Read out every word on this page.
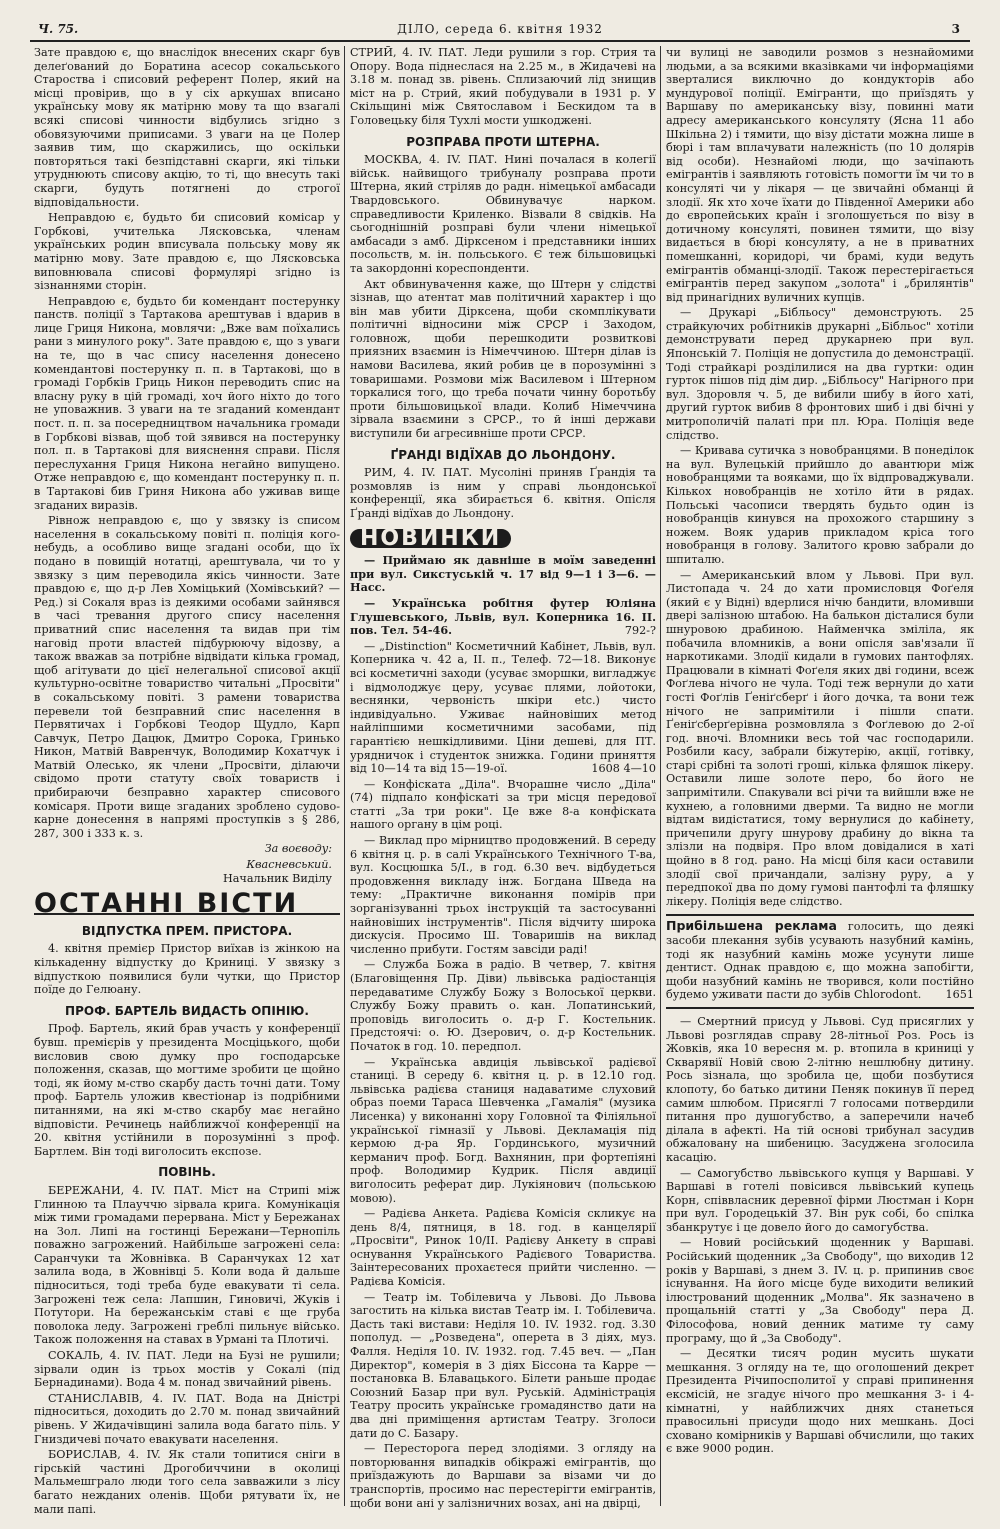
Ч. 75.	ДІЛО, середа 6. квітня 1932	3

Зате правдою є, що внаслідок внесених скарг був делеґований до Боратина асесор сокальського Староства і списовий референт Полер, який на місці провірив, що в у сіх аркушах вписано українську мову як матірню мову та що взагалі всякі списові чинности відбулись згідно з обовязуючими приписами. З уваги на це Полер заявив тим, що скаржились, що оскільки повторяться такі безпідставні скарги, які тільки утруднюють списову акцію, то ті, що внесуть такі скарги, будуть потягнені до строгої відповідальности.

Неправдою є, будьто би списовий комісар у Горбкові, учителька Лясковська, членам українських родин вписувала польську мову як матірню мову. Зате правдою є, що Лясковська виповнювала списові формулярі згідно із зізнаннями сторін.

Неправдою є, будьто би комендант постерунку панств. поліції з Тартакова арештував і вдарив в лице Гриця Никона, мовлячи: „Вже вам поїхались рани з минулого року". Зате правдою є, що з уваги на те, що в час спису населення донесено комендантові постерунку п. п. в Тартакові, що в громаді Горбків Гриць Никон переводить спис на власну руку в цій громаді, хоч його ніхто до того не уповажнив. З уваги на те згаданий комендант пост. п. п. за посередництвом начальника громади в Горбкові візвав, щоб той зявився на постерунку пол. п. в Тартакові для вияснення справи. Після переслухання Гриця Никона негайно випущено. Отже неправдою є, що комендант постерунку п. п. в Тартакові бив Гриня Никона або уживав вище згаданих виразів.

Рівнож неправдою є, що у звязку із списом населення в сокальському повіті п. поліція кого-небудь, а особливо вище згадані особи, що їх подано в повищій нотатці, арештувала, чи то у звязку з цим переводила якісь чинности. Зате правдою є, що д-р Лев Хоміцький (Хомівський? — Ред.) зі Сокаля враз із деякими особами зайнявся в часі тревання другого спису населення приватний спис населення та видав при тім наговід проти властей підбурюючу відозву, а також вважав за потрібне відвідати кілька громад, щоб агітувати до цієї нелегальної списової акції культурно-освітне товариство читальні „Просвіти" в сокальському повіті. З рамени товариства перевели той безправний спис населення в Первятичах і Горбкові Теодор Щудло, Карп Савчук, Петро Дацюк, Дмитро Сорока, Гринько Никон, Матвій Вавренчук, Володимир Кохатчук і Матвій Олесько, як члени „Просвіти, ділаючи свідомо проти статуту своїх товариств і прибираючи безправно характер списового комісаря. Проти вище згаданих зроблено судово-карне донесення в напрямі проступків з § 286, 287, 300 і 333 к. з.

За воєводу:
Квасневський.
Начальник Виділу
ОСТАННІ ВІСТИ
ВІДПУСТКА ПРЕМ. ПРИСТОРА.

4. квітня премієр Пристор виїхав із жінкою на кількаденну відпустку до Криниці. У звязку з відпусткою появилися були чутки, що Пристор поїде до Гелюану.

ПРОФ. БАРТЕЛЬ ВИДАСТЬ ОПІНІЮ.

Проф. Бартель, який брав участь у конференції бувш. премієрів у президента Мосціцького, щоби висловив свою думку про господарське положення, сказав, що могтиме зробити це щойно тоді, як йому м-ство скарбу дасть точні дати. Тому проф. Бартель уложив квестіонар із подрібними питаннями, на які м-ство скарбу має негайно відповісти. Речинець найближчої конференції на 20. квітня устійнили в порозумінні з проф. Бартлем. Він тоді виголосить експозе.

ПОВІНЬ.

БЕРЕЖАНИ, 4. IV. ПАТ. Міст на Стрипі між Глинною та Плауччю зірвала крига. Комунікація між тими громадами перервана. Міст у Бережанах на Зол. Липі на гостинці Бережани—Тернопіль поважно загрожений. Найбільше загрожені села: Саранчуки та Жовнівка. В Саранчуках 12 хат залила вода, в Жовнівці 5. Коли вода й дальше підноситься, тоді треба буде евакувати ті села. Загрожені теж села: Лапшин, Гиновичі, Жуків і Потутори. На бережанськім ставі є ще груба поволока леду. Загрожені греблі пильнує військо. Також положення на ставах в Урмані та Плотичі.

СОКАЛЬ, 4. IV. ПАТ. Леди на Бузі не рушили; зірвали один із трьох мостів у Сокалі (під Бернадинами). Вода 4 м. понад звичайний рівень.

СТАНИСЛАВІВ, 4. IV. ПАТ. Вода на Дністрі підноситься, доходить до 2.70 м. понад звичайний рівень. У Жидачівщині залила вода багато піль. У Гниздичеві почато евакувати населення.

БОРИСЛАВ, 4. IV. Як стали топитися сніги в гірській частині Дрогобиччини в околиці Мальмешграло люди того села завважили з лісу багато нежданих оленів. Щоби рятувати їх, не мали папі.

СТРИЙ, 4. IV. ПАТ. Леди рушили з гор. Стрия та Опору. Вода піднеслася на 2.25 м., в Жидачеві на 3.18 м. понад зв. рівень. Сплизаючий лід знищив міст на р. Стрий, який побудували в 1931 р. У Скільщині між Святославом і Бескидом та в Головецьку біля Тухлі мости ушкоджені.

РОЗПРАВА ПРОТИ ШТЕРНА.

МОСКВА, 4. IV. ПАТ. Нині почалася в колегії військ. найвищого трибуналу розправа проти Штерна, який стріляв до радн. німецької амбасади Твардовського. Обвинувачує нарком. справедливости Криленко. Візвали 8 свідків. На сьогоднішній розправі були члени німецької амбасади з амб. Дірксеном і представники інших посольств, м. ін. польського. Є теж більшовицькі та закордонні кореспонденти.

Акт обвинувачення каже, що Штерн у слідстві зізнав, що атентат мав політичний характер і що він мав убити Дірксена, щоби скомплікувати політичні відносини між СРСР і Заходом, головнож, щоби перешкодити розвиткові приязних взаємин із Німеччиною. Штерн ділав із намови Василева, який робив це в порозумінні з товаришами. Розмови між Василевом і Штерном торкалися того, що треба почати чинну боротьбу проти більшовицької влади. Колиб Німеччина зірвала взаємини з СРСР., то й інші держави виступили би агресивніше проти СРСР.

ҐРАНДІ ВІДЇХАВ ДО ЛЬОНДОНУ.

РИМ, 4. IV. ПАТ. Мусоліні приняв Ґрандія та розмовляв із ним у справі льондонської конференції, яка збирається 6. квітня. Опісля Ґранді відїхав до Льондону.

НОВИНКИ

— Приймаю як давніше в моїм заведенні при вул. Сикстуській ч. 17 від 9—1 і 3—6. — Насс.

— Українська робітня футер Юліяна Глушевського, Львів, вул. Коперника 16. II. пов. Тел. 54-46.	792-?

— „Distinction" Косметичний Кабінет, Львів, вул. Коперника ч. 42 а, II. п., Телеф. 72—18. Виконує всі косметичні заходи (усуває зморшки, вигладжує і відмолоджує церу, усуває плями, лойотоки, веснянки, червоність шкіри etc.) чисто індивідуально. Уживає найновіших метод найліпшими косметичними засобами, під гарантією нешкідливими. Ціни дешеві, для ПТ. урядничок і студенток знижка. Години приняття від 10—14 та від 15—19-ої.	1608 4—10

— Конфіската „Діла". Вчорашне число „Діла" (74) підпало конфіскаті за три місця передової статті „За три роки". Це вже 8-а конфіската нашого органу в цім році.

— Виклад про мірництво продовжений. В середу 6 квітня ц. р. в салі Українського Технічного Т-ва, вул. Косцюшка 5/І., в год. 6.30 веч. відбудеться продовження викладу інж. Богдана Шведа на тему: „Практичне виконання помірів при зорганізуванні трьох інструкцій та застосуванні найновіших інструментів". Після відчиту широка дискусія. Просимо Ш. Товаришів на виклад численно прибути. Гостям завсіди раді!

— Служба Божа в радіо. В четвер, 7. квітня (Благовіщення Пр. Діви) львівська радіостанція передаватиме Службу Божу з Волоської церкви. Службу Божу править о. кан. Лопатинський, проповідь виголосить о. д-р Г. Костельник. Предстоячі: о. Ю. Дзерович, о. д-р Костельник. Початок в год. 10. передпол.

— Українська авдиція львівської радієвої станиці. В середу 6. квітня ц. р. в 12.10 год. львівська радієва станиця надаватиме слуховий образ поеми Тараса Шевченка „Гамалія" (музика Лисенка) у виконанні хору Головної та Філіяльної української гімназії у Львові. Декламація під кермою д-ра Яр. Гординського, музичний керманич проф. Богд. Вахнянин, при фортепіяні проф. Володимир Кудрик. Після авдиції виголосить реферат дир. Лукіянович (польською мовою).

— Радієва Анкета. Радієва Комісія скликує на день 8/4, пятниця, в 18. год. в канцелярії „Просвіти", Ринок 10/II. Радієву Анкету в справі оснування Українського Радієвого Товариства. Заінтересованих прохаєтеся прийти численно. — Радієва Комісія.

— Театр ім. Тобілевича у Львові. До Львова загостить на кілька вистав Театр ім. І. Тобілевича. Дасть такі вистави: Неділя 10. IV. 1932. год. 3.30 пополуд. — „Розведена", оперета в 3 діях, муз. Фалля. Неділя 10. IV. 1932. год. 7.45 веч. — „Пан Директор", комерія в 3 діях Біссона та Карре — постановка В. Блавацького. Білети раньше продає Союзний Базар при вул. Руській. Адміністрація Театру просить українське громадянство дати на два дні приміщення артистам Театру. Зголоси дати до С. Базару.

— Пересторога перед злодіями. З огляду на повторювання випадків обікражі емігрантів, що приїздажують до Варшави за візами чи до транспортів, просимо нас перестерігти емігрантів, щоби вони ані у залізничних возах, ані на двірці,

чи вулиці не заводили розмов з незнайомими людьми, а за всякими вказівками чи інформаціями зверталися виключно до кондукторів або мундурової поліції. Емігранти, що приїздять у Варшаву по американську візу, повинні мати адресу американського консуляту (Ясна 11 або Шкільна 2) і тямити, що візу дістати можна лише в бюрі і там вплачувати належність (по 10 долярів від особи). Незнайомі люди, що зачіпають емігрантів і заявляють готовість помогти їм чи то в консуляті чи у лікаря — це звичайні обманці й злодії. Як хто хоче їхати до Південної Америки або до європейських країн і зголошується по візу в дотичному консуляті, повинен тямити, що візу видається в бюрі консуляту, а не в приватних помешканні, коридорі, чи брамі, куди ведуть емігрантів обманці-злодії. Також перестерігається емігрантів перед закупом „золота" і „брилянтів" від принагідних вуличних купців.

— Друкарі „Бібльосу" демонструють. 25 страйкуючих робітників друкарні „Бібльос" хотіли демонструвати перед друкарнею при вул. Японській 7. Поліція не допустила до демонстрації. Тоді страйкарі розділилися на два гуртки: один гурток пішов під дім дир. „Бібльосу" Нагірного при вул. Здоровля ч. 5, де вибили шибу в його хаті, другий гурток вибив 8 фронтових шиб і дві бічні у митрополичій палаті при пл. Юра. Поліція веде слідство.

— Кривава сутичка з новобранцями. В понеділок на вул. Вулецькій прийшло до авантюри між новобранцями та вояками, що їх відпроваджували. Кількох новобранців не хотіло йти в рядах. Польські часописи твердять будьто один із новобранців кинувся на прохожого старшину з ножем. Вояк ударив прикладом кріса того новобранця в голову. Залитого кровю забрали до шпиталю.

— Американський влом у Львові. При вул. Листопада ч. 24 до хати промисловця Фоґеля (який є у Відні) вдерлися нічю бандити, вломивши двері залізною штабою. На балькон дісталися були шнуровою драбиною. Найменчка зміліла, як побачила вломників, а вони опісля зав'язали її наркотиками. Злодії кидали в гумових пантофлях. Працювали в кімнаті Фоґеля яких дві години, всеж Фоґлева нічого не чула. Тоді теж вернули до хати гості Фоґлів Ґеніґсберґ і його дочка, та вони теж нічого не запримітили і пішли спати. Ґеніґсберґерівна розмовляла з Фоґлевою до 2-ої год. вночі. Вломники весь той час господарили. Розбили касу, забрали біжутерію, акції, готівку, старі срібні та золоті гроші, кілька фляшок лікеру. Оставили лише золоте перо, бо його не запримітили. Спакували всі річи та вийшли вже не кухнею, а головними дверми. Та видно не могли відтам видістатися, тому вернулися до кабінету, причепили другу шнурову драбину до вікна та злізли на подвіря. Про влом довідалися в хаті щойно в 8 год. рано. На місці біля каси оставили злодії свої причандали, залізну руру, а у передпокої два по дому гумові пантофлі та фляшку лікеру. Поліція веде слідство.

Прибільшена реклама голосить, що деякі засоби плекання зубів усувають назубний камінь, тоді як назубний камінь може усунути лише дентист. Однак правдою є, що можна запобігти, щоби назубний камінь не творився, коли постійно будемо уживати пасти до зубів Chlorodont. 1651

— Смертний присуд у Львові. Суд присяглих у Львові розглядав справу 28-літньої Роз. Рось із Жовків, яка 10 вересня м. р. втопила в криниці у Скварявії Новій свою 2-літню нешлюбну дитину. Рось зізнала, що зробила це, щоби позбутися клопоту, бо батько дитини Пеняк покинув її перед самим шлюбом. Присяглі 7 голосами потвердили питання про душогубство, а заперечили начеб ділала в афекті. На тій основі трибунал засудив обжаловану на шибеницю. Засуджена зголосила касацію.

— Самогубство львівського купця у Варшаві. У Варшаві в готелі повісився львівський купець Корн, співвласник деревної фірми Люстман і Корн при вул. Городецькій 37. Він рук собі, бо спілка збанкрутує і це довело його до самогубства.

— Новий російський щоденник у Варшаві. Російський щоденник „За Свободу", що виходив 12 років у Варшаві, з днем 3. IV. ц. р. припинив своє існування. На його місце буде виходити великий ілюстрований щоденник „Молва". Як зазначено в прощальній статті у „За Свободу" пера Д. Філософова, новий денник матиме ту саму програму, що й „За Свободу".

— Десятки тисяч родин мусить шукати мешкання. З огляду на те, що оголошений декрет Президента Річипосполитої у справі припинення ексмісій, не згадує нічого про мешкання 3- і 4-кімнатні, у найближчих днях станеться правосильні присуди щодо них мешкань. Досі сховано комірників у Варшаві обчислили, що таких є вже 9000 родин.
